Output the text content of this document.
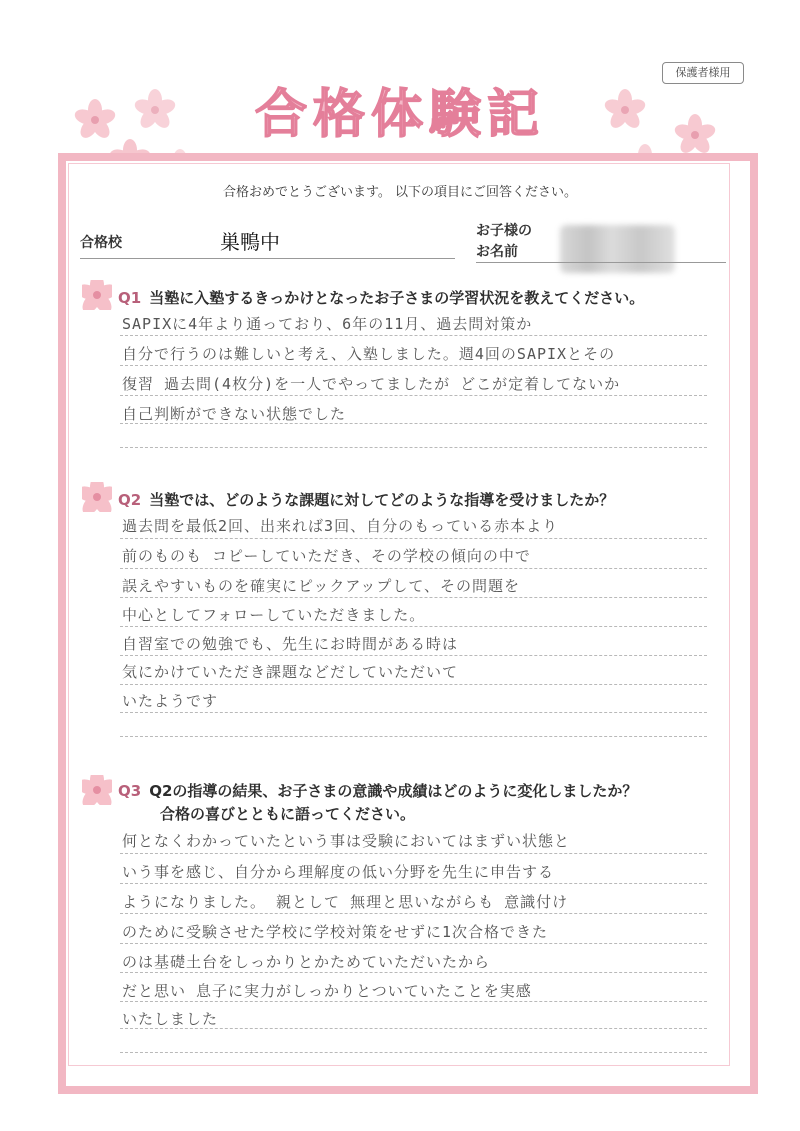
保護者様用
合格体験記
合格おめでとうございます。 以下の項目にご回答ください。
合格校	巣鴨中	お子様の
お名前
Q1 当塾に入塾するきっかけとなったお子さまの学習状況を教えてください。
SAPIXに4年より通っており、6年の11月、過去問対策か
自分で行うのは難しいと考え、入塾しました。週4回のSAPIXとその
復習 過去問(4枚分)を一人でやってましたが どこが定着してないか
自己判断ができない状態でした
Q2 当塾では、どのような課題に対してどのような指導を受けましたか？
過去問を最低2回、出来れば3回、自分のもっている赤本より
前のものも コピーしていただき、その学校の傾向の中で
誤えやすいものを確実にピックアップして、その問題を
中心としてフォローしていただきました。
自習室での勉強でも、先生にお時間がある時は
気にかけていただき課題などだしていただいて
いたようです
Q3 Q2の指導の結果、お子さまの意識や成績はどのように変化しましたか？
合格の喜びとともに語ってください。
何となくわかっていたという事は受験においてはまずい状態と
いう事を感じ、自分から理解度の低い分野を先生に申告する
ようになりました。 親として 無理と思いながらも 意識付け
のために受験させた学校に学校対策をせずに1次合格できた
のは基礎土台をしっかりとかためていただいたから
だと思い 息子に実力がしっかりとついていたことを実感
いたしました
